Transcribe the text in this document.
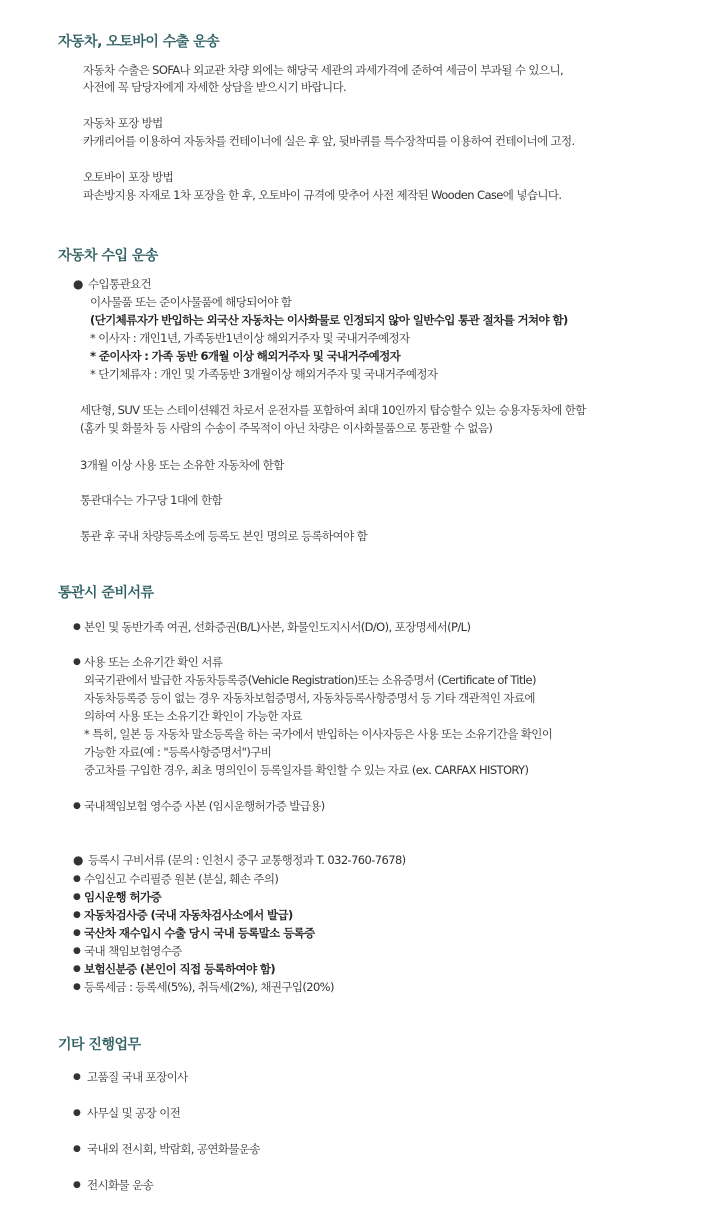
자동차, 오토바이 수출 운송
자동차 수출은 SOFA나 외교관 차량 외에는 해당국 세관의 과세가격에 준하여 세금이 부과될 수 있으니,
사전에 꼭 담당자에게 자세한 상담을 받으시기 바랍니다.
자동차 포장 방법
카캐리어를 이용하여 자동차를 컨테이너에 실은 후 앞, 뒷바퀴를 특수장착띠를 이용하여 컨테이너에 고정.
오토바이 포장 방법
파손방지용 자재로 1차 포장을 한 후, 오토바이 규격에 맞추어 사전 제작된 Wooden Case에 넣습니다.
자동차 수입 운송
● 수입통관요건
이사물품 또는 준이사물품에 해당되어야 함
(단기체류자가 반입하는 외국산 자동차는 이사화물로 인정되지 않아 일반수입 통관 절차를 거쳐야 함)
* 이사자 : 개인1년, 가족동반1년이상 해외거주자 및 국내거주예정자
* 준이사자 : 가족 동반 6개월 이상 해외거주자 및 국내거주예정자
* 단기체류자 : 개인 및 가족동반 3개월이상 해외거주자 및 국내거주예정자
세단형, SUV 또는 스테이션웨건 차로서 운전자를 포함하여 최대 10인까지 탑승할수 있는 승용자동차에 한함
(홈카 및 화물차 등 사람의 수송이 주목적이 아닌 차량은 이사화물품으로 통관할 수 없음)
3개월 이상 사용 또는 소유한 자동차에 한함
통관대수는 가구당 1대에 한함
통관 후 국내 차량등록소에 등록도 본인 명의로 등록하여야 함
통관시 준비서류
● 본인 및 동반가족 여권, 선화증권(B/L)사본, 화물인도지시서(D/O), 포장명세서(P/L)
● 사용 또는 소유기간 확인 서류
외국기관에서 발급한 자동차등록증(Vehicle Registration)또는 소유증명서 (Certificate of Title)
자동차등록증 등이 없는 경우 자동차보험증명서, 자동차등록사항증명서 등 기타 객관적인 자료에
의하여 사용 또는 소유기간 확인이 가능한 자료
* 특히, 일본 등 자동차 말소등록을 하는 국가에서 반입하는 이사자등은 사용 또는 소유기간을 확인이
가능한 자료(예 : "등록사항증명서")구비
중고차를 구입한 경우, 최초 명의인이 등록일자를 확인할 수 있는 자료 (ex. CARFAX HISTORY)
● 국내책임보험 영수증 사본 (임시운행허가증 발급용)
● 등록시 구비서류 (문의 : 인천시 중구 교통행정과 T. 032-760-7678)
● 수입신고 수리필증 원본 (분실, 훼손 주의)
● 임시운행 허가증
● 자동차검사증 (국내 자동차검사소에서 발급)
● 국산차 재수입시 수출 당시 국내 등록말소 등록증
● 국내 책임보험영수증
● 보험신분증 (본인이 직접 등록하여야 함)
● 등록세금 : 등록세(5%), 취득세(2%), 채권구입(20%)
기타 진행업무
● 고품질 국내 포장이사
● 사무실 및 공장 이전
● 국내외 전시회, 박람회, 공연화물운송
● 전시화물 운송
